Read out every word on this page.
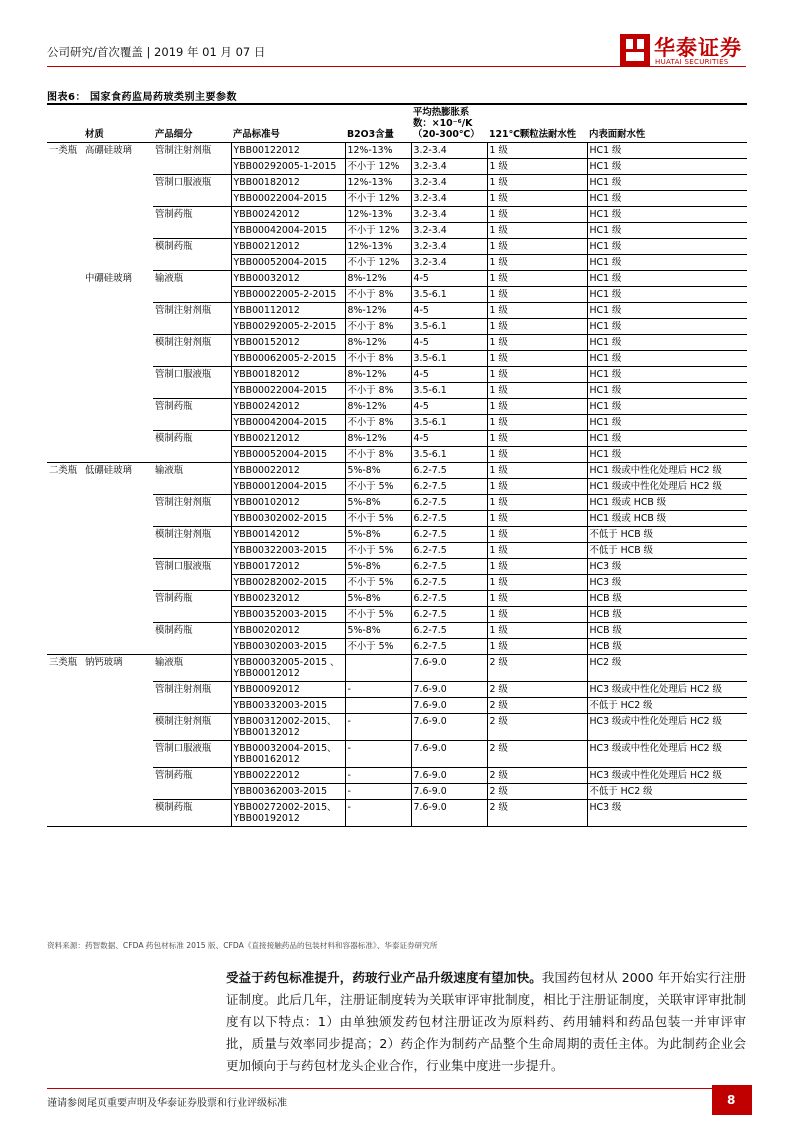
公司研究/首次覆盖 | 2019 年 01 月 07 日	华泰证券
HUATAI SECURITIES
图表6： 国家食药监局药玻类别主要参数
	材质	产品细分	产品标准号	B2O3含量	平均热膨胀系数：×10⁻⁶/K （20-300℃）	121℃颗粒法耐水性	内表面耐水性
一类瓶	高硼硅玻璃	管制注射剂瓶	YBB00122012	12%-13%	3.2-3.4	1 级	HC1 级
			YBB00292005-1-2015	不小于 12%	3.2-3.4	1 级	HC1 级
		管制口服液瓶	YBB00182012	12%-13%	3.2-3.4	1 级	HC1 级
			YBB00022004-2015	不小于 12%	3.2-3.4	1 级	HC1 级
		管制药瓶	YBB00242012	12%-13%	3.2-3.4	1 级	HC1 级
			YBB00042004-2015	不小于 12%	3.2-3.4	1 级	HC1 级
		模制药瓶	YBB00212012	12%-13%	3.2-3.4	1 级	HC1 级
			YBB00052004-2015	不小于 12%	3.2-3.4	1 级	HC1 级
	中硼硅玻璃	输液瓶	YBB00032012	8%-12%	4-5	1 级	HC1 级
			YBB00022005-2-2015	不小于 8%	3.5-6.1	1 级	HC1 级
		管制注射剂瓶	YBB00112012	8%-12%	4-5	1 级	HC1 级
			YBB00292005-2-2015	不小于 8%	3.5-6.1	1 级	HC1 级
		模制注射剂瓶	YBB00152012	8%-12%	4-5	1 级	HC1 级
			YBB00062005-2-2015	不小于 8%	3.5-6.1	1 级	HC1 级
		管制口服液瓶	YBB00182012	8%-12%	4-5	1 级	HC1 级
			YBB00022004-2015	不小于 8%	3.5-6.1	1 级	HC1 级
		管制药瓶	YBB00242012	8%-12%	4-5	1 级	HC1 级
			YBB00042004-2015	不小于 8%	3.5-6.1	1 级	HC1 级
		模制药瓶	YBB00212012	8%-12%	4-5	1 级	HC1 级
			YBB00052004-2015	不小于 8%	3.5-6.1	1 级	HC1 级
二类瓶	低硼硅玻璃	输液瓶	YBB00022012	5%-8%	6.2-7.5	1 级	HC1 级或中性化处理后 HC2 级
			YBB00012004-2015	不小于 5%	6.2-7.5	1 级	HC1 级或中性化处理后 HC2 级
		管制注射剂瓶	YBB00102012	5%-8%	6.2-7.5	1 级	HC1 级或 HCB 级
			YBB00302002-2015	不小于 5%	6.2-7.5	1 级	HC1 级或 HCB 级
		模制注射剂瓶	YBB00142012	5%-8%	6.2-7.5	1 级	不低于 HCB 级
			YBB00322003-2015	不小于 5%	6.2-7.5	1 级	不低于 HCB 级
		管制口服液瓶	YBB00172012	5%-8%	6.2-7.5	1 级	HC3 级
			YBB00282002-2015	不小于 5%	6.2-7.5	1 级	HC3 级
		管制药瓶	YBB00232012	5%-8%	6.2-7.5	1 级	HCB 级
			YBB00352003-2015	不小于 5%	6.2-7.5	1 级	HCB 级
		模制药瓶	YBB00202012	5%-8%	6.2-7.5	1 级	HCB 级
			YBB00302003-2015	不小于 5%	6.2-7.5	1 级	HCB 级
三类瓶	钠钙玻璃	输液瓶	YBB00032005-2015 、YBB00012012		7.6-9.0	2 级	HC2 级
		管制注射剂瓶	YBB00092012	-	7.6-9.0	2 级	HC3 级或中性化处理后 HC2 级
			YBB00332003-2015		7.6-9.0	2 级	不低于 HC2 级
		模制注射剂瓶	YBB00312002-2015、YBB00132012	-	7.6-9.0	2 级	HC3 级或中性化处理后 HC2 级
		管制口服液瓶	YBB00032004-2015、YBB00162012	-	7.6-9.0	2 级	HC3 级或中性化处理后 HC2 级
		管制药瓶	YBB00222012	-	7.6-9.0	2 级	HC3 级或中性化处理后 HC2 级
			YBB00362003-2015	-	7.6-9.0	2 级	不低于 HC2 级
		模制药瓶	YBB00272002-2015、YBB00192012	-	7.6-9.0	2 级	HC3 级
资料来源：药智数据、CFDA 药包材标准 2015 版、CFDA《直接接触药品的包装材料和容器标准》、华泰证券研究所
受益于药包标准提升，药玻行业产品升级速度有望加快。我国药包材从 2000 年开始实行注册证制度。此后几年，注册证制度转为关联审评审批制度，相比于注册证制度，关联审评审批制度有以下特点：1）由单独颁发药包材注册证改为原料药、药用辅料和药品包装一并审评审批，质量与效率同步提高；2）药企作为制药产品整个生命周期的责任主体。为此制药企业会更加倾向于与药包材龙头企业合作，行业集中度进一步提升。
谨请参阅尾页重要声明及华泰证券股票和行业评级标准	8
